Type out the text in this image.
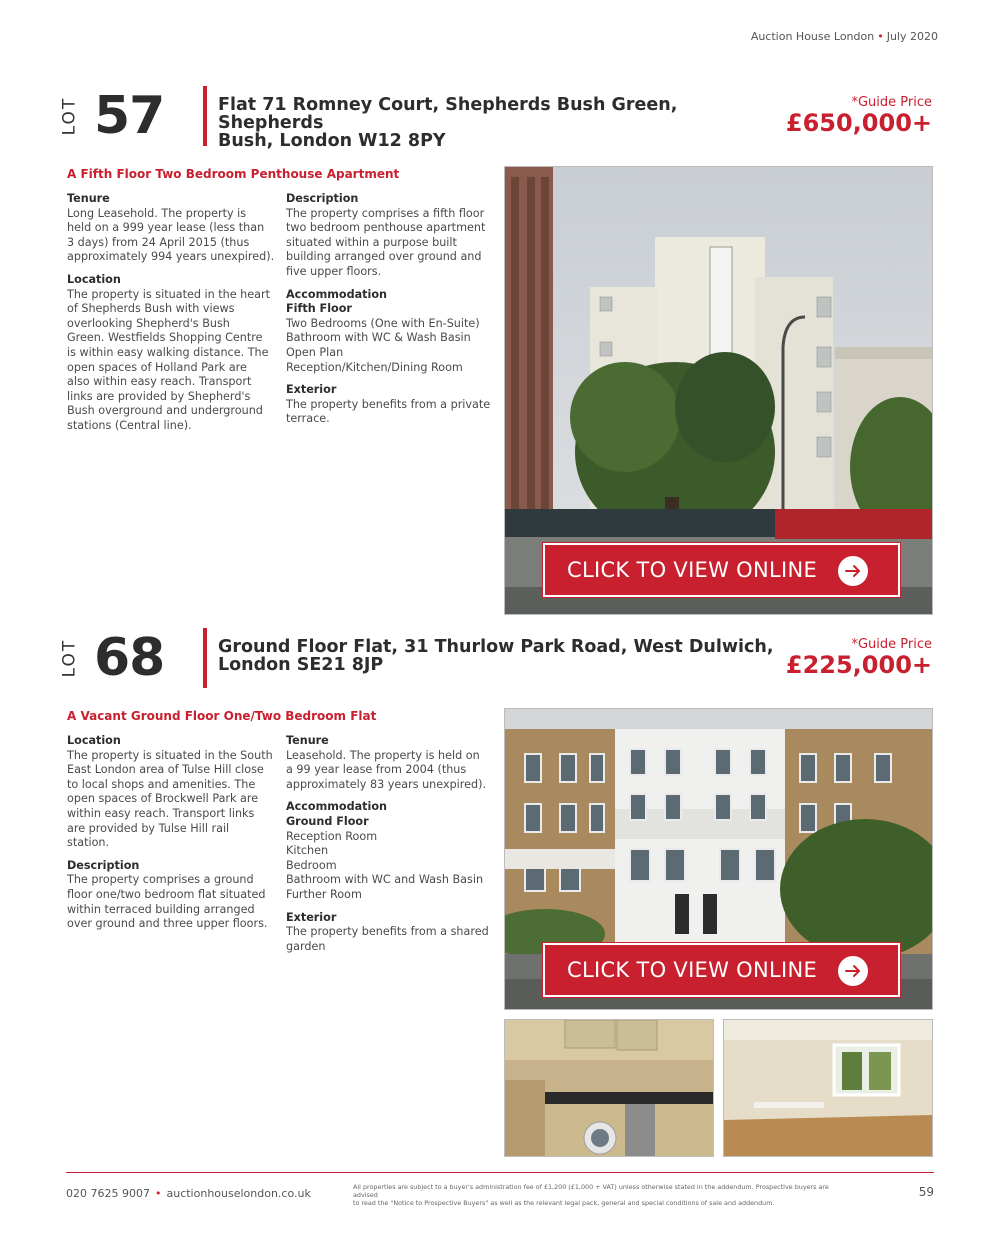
Auction House London • July 2020
LOT 57	Flat 71 Romney Court, Shepherds Bush Green, Shepherds
Bush, London W12 8PY
*Guide Price
£650,000+
A Fifth Floor Two Bedroom Penthouse Apartment
Tenure
Long Leasehold. The property is
held on a 999 year lease (less than
3 days) from 24 April 2015 (thus
approximately 994 years unexpired).
Location
The property is situated in the heart
of Shepherds Bush with views
overlooking Shepherd's Bush
Green. Westfields Shopping Centre
is within easy walking distance. The
open spaces of Holland Park are
also within easy reach. Transport
links are provided by Shepherd's
Bush overground and underground
stations (Central line).
Description
The property comprises a fifth floor
two bedroom penthouse apartment
situated within a purpose built
building arranged over ground and
five upper floors.
Accommodation
Fifth Floor
Two Bedrooms (One with En-Suite)
Bathroom with WC & Wash Basin
Open Plan
Reception/Kitchen/Dining Room
Exterior
The property benefits from a private
terrace.
CLICK TO VIEW ONLINE
LOT 68	Ground Floor Flat, 31 Thurlow Park Road, West Dulwich,
London SE21 8JP
*Guide Price
£225,000+
A Vacant Ground Floor One/Two Bedroom Flat
Location
The property is situated in the South
East London area of Tulse Hill close
to local shops and amenities. The
open spaces of Brockwell Park are
within easy reach. Transport links
are provided by Tulse Hill rail
station.
Description
The property comprises a ground
floor one/two bedroom flat situated
within terraced building arranged
over ground and three upper floors.
Tenure
Leasehold. The property is held on
a 99 year lease from 2004 (thus
approximately 83 years unexpired).
Accommodation
Ground Floor
Reception Room
Kitchen
Bedroom
Bathroom with WC and Wash Basin
Further Room
Exterior
The property benefits from a shared
garden
CLICK TO VIEW ONLINE
020 7625 9007 • auctionhouselondon.co.uk	All properties are subject to a buyer's administration fee of £1,200 (£1,000 + VAT) unless otherwise stated in the addendum. Prospective buyers are advised
to read the "Notice to Prospective Buyers" as well as the relevant legal pack, general and special conditions of sale and addendum.
59
